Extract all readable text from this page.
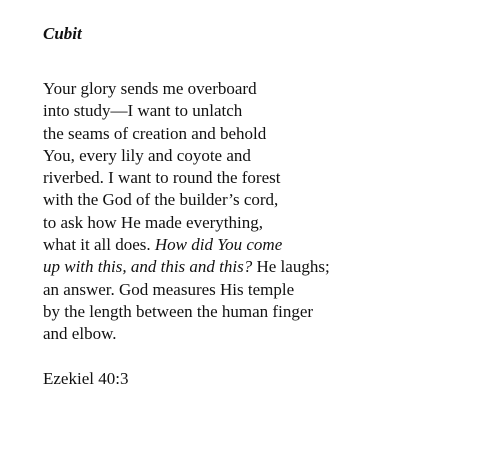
Cubit
Your glory sends me overboard
into study—I want to unlatch
the seams of creation and behold
You, every lily and coyote and
riverbed. I want to round the forest
with the God of the builder’s cord,
to ask how He made everything,
what it all does. How did You come
up with this, and this and this? He laughs;
an answer. God measures His temple
by the length between the human finger
and elbow.
Ezekiel 40:3
